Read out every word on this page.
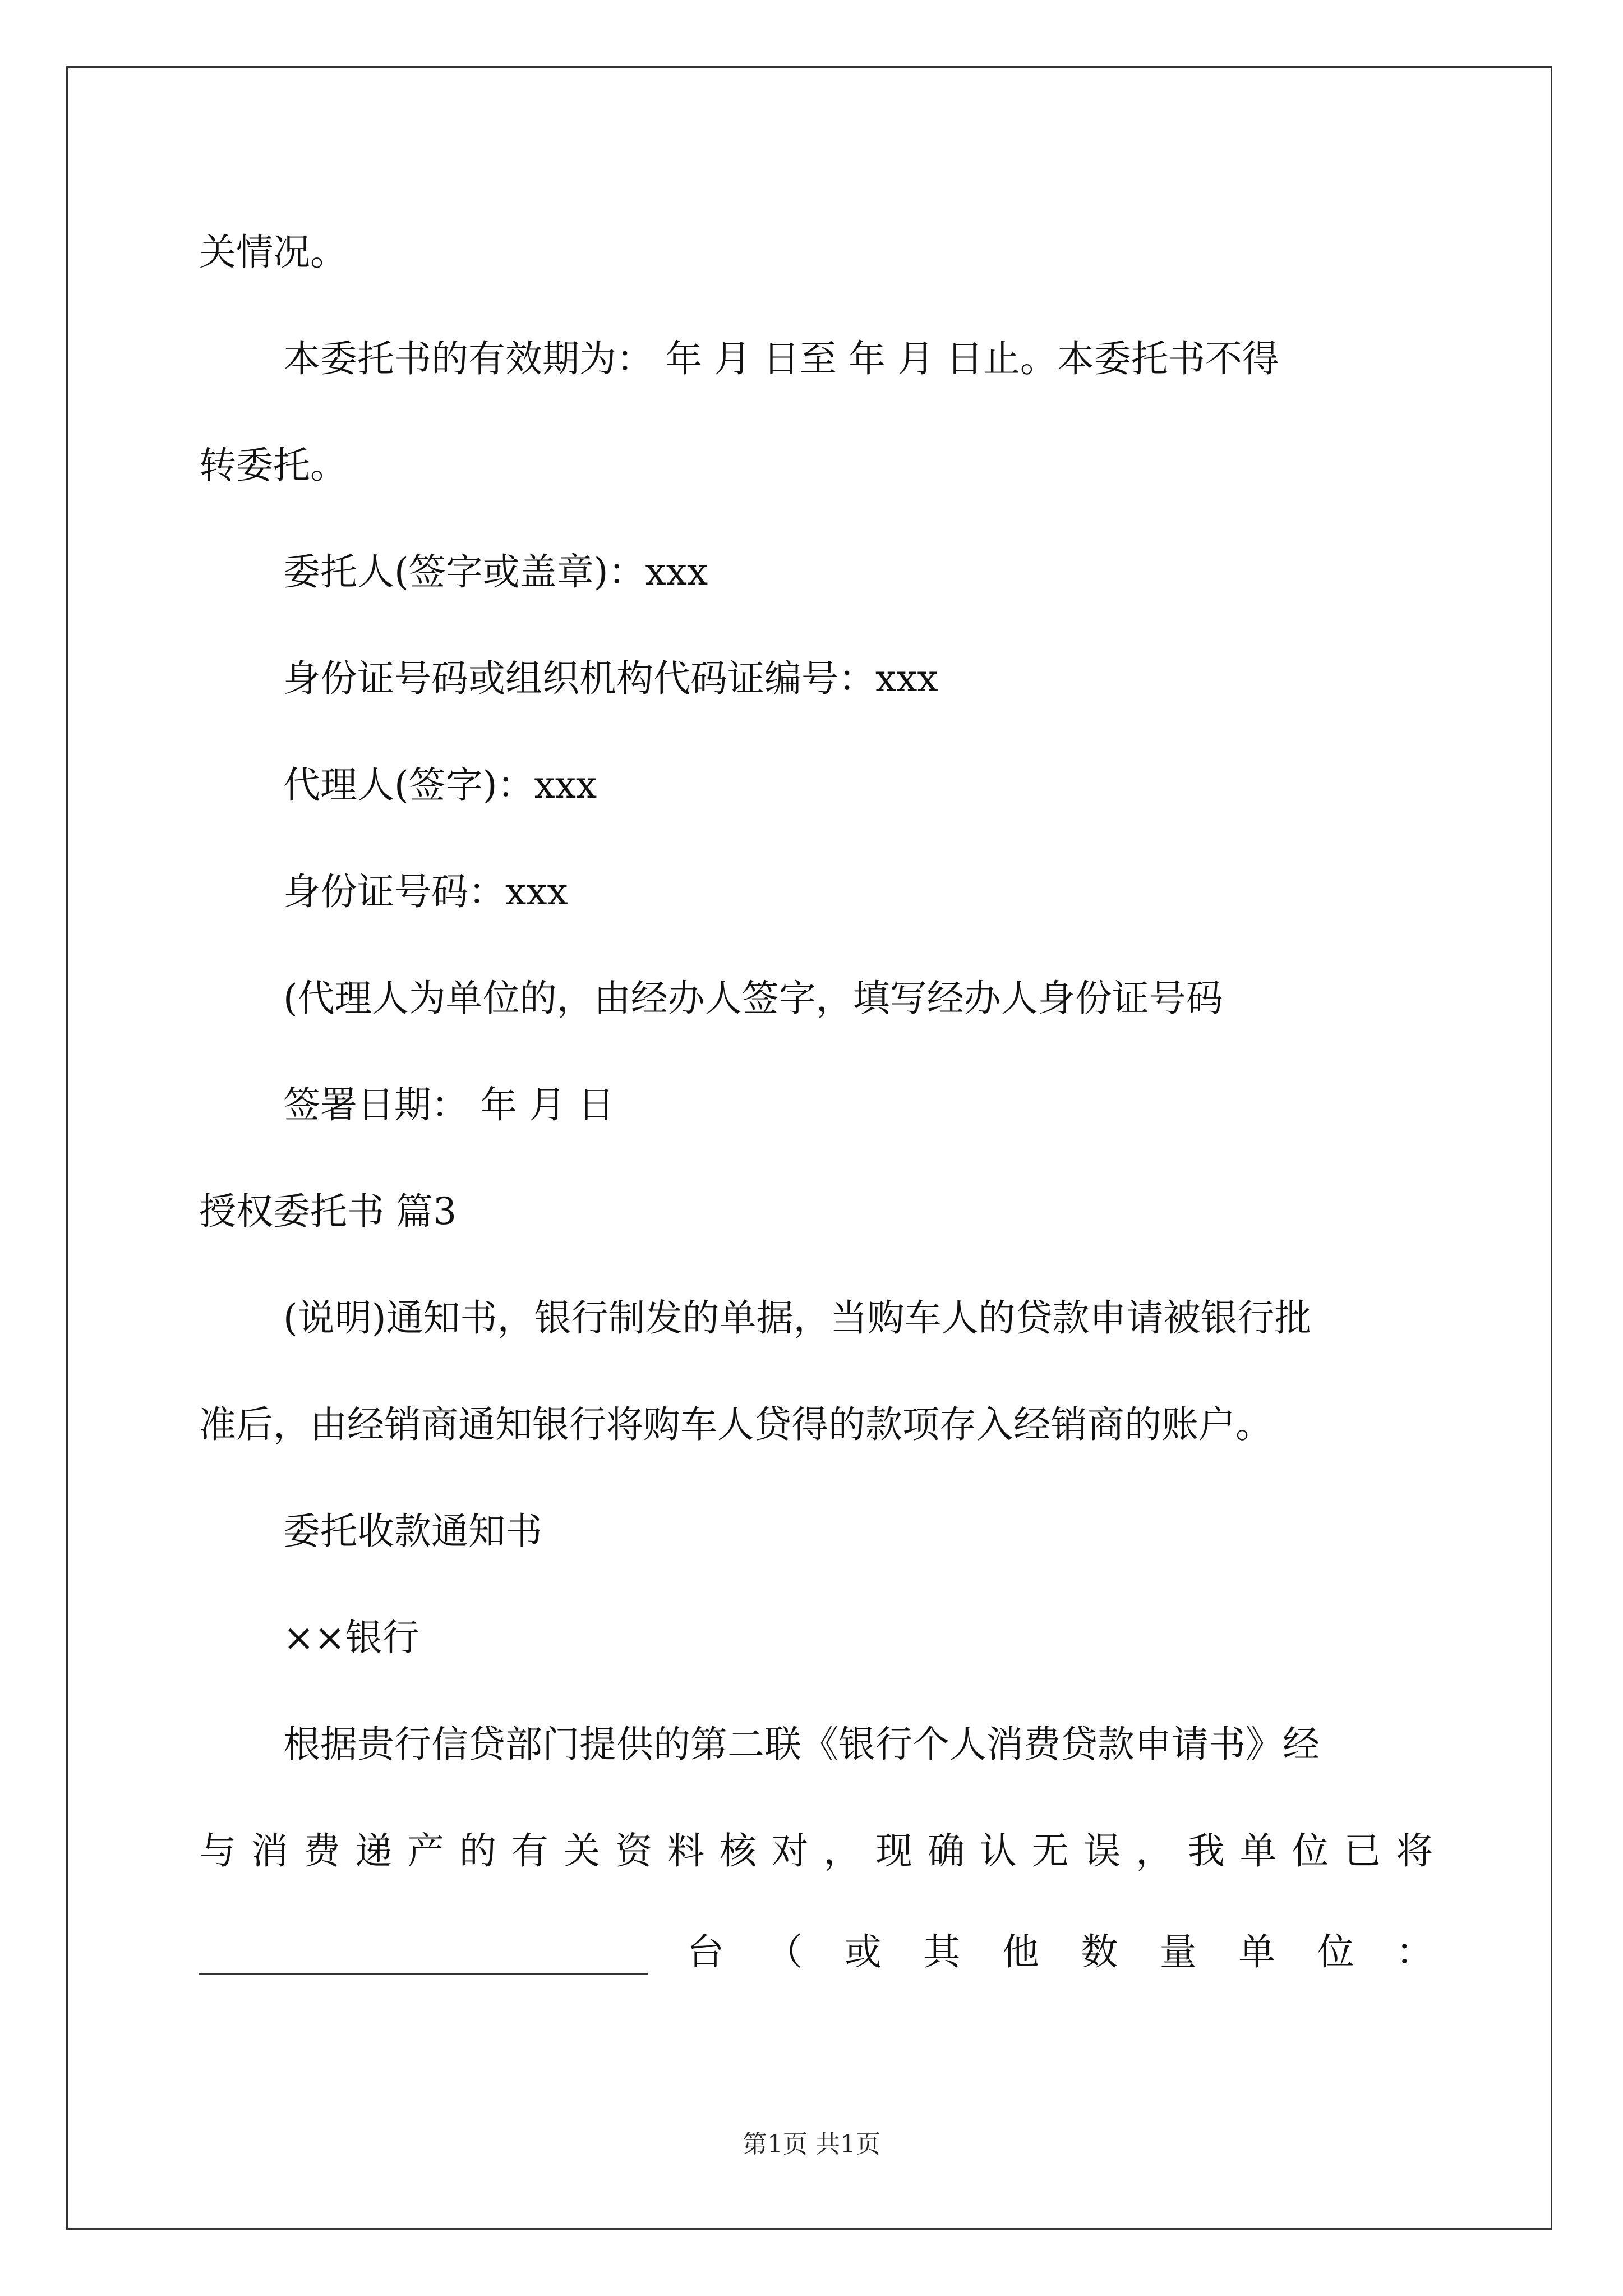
关情况。
本委托书的有效期为： 年 月 日至 年 月 日止。本委托书不得
转委托。
委托人(签字或盖章)：xxx
身份证号码或组织机构代码证编号：xxx
代理人(签字)：xxx
身份证号码：xxx
(代理人为单位的，由经办人签字，填写经办人身份证号码
签署日期： 年 月 日
授权委托书 篇3
(说明)通知书，银行制发的单据，当购车人的贷款申请被银行批
准后，由经销商通知银行将购车人贷得的款项存入经销商的账户。
委托收款通知书
××银行
根据贵行信贷部门提供的第二联《银行个人消费贷款申请书》经
与 消 费 递 产 的 有 关 资 料 核 对 ， 现 确 认 无 误 ， 我 单 位 已 将
台 （ 或 其 他 数 量 单 位 ：
第1页 共1页
